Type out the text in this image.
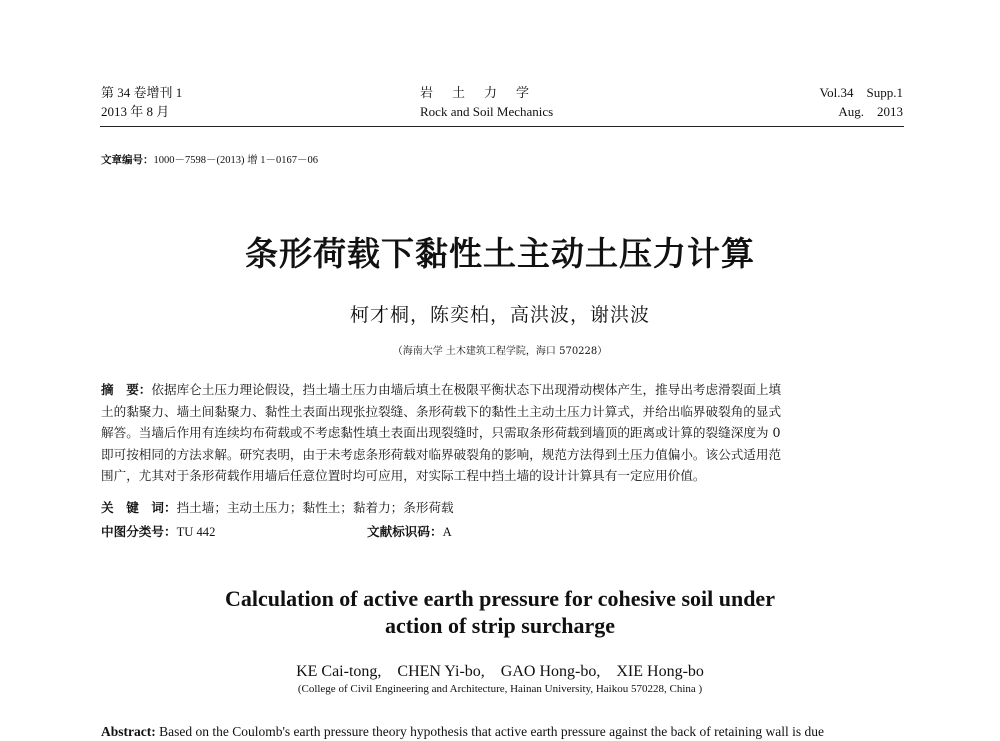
第 34 卷增刊 1
2013 年 8 月
岩　土　力　学
Rock and Soil Mechanics
Vol.34　Supp.1
Aug.　2013
文章编号：1000－7598－(2013) 增 1－0167－06
条形荷载下黏性土主动土压力计算
柯才桐，陈奕柏，高洪波，谢洪波
（海南大学 土木建筑工程学院，海口 570228）
摘　要：依据库仑土压力理论假设，挡土墙土压力由墙后填土在极限平衡状态下出现滑动楔体产生，推导出考虑滑裂面上填
土的黏聚力、墙土间黏聚力、黏性土表面出现张拉裂缝、条形荷载下的黏性土主动土压力计算式，并给出临界破裂角的显式
解答。当墙后作用有连续均布荷载或不考虑黏性填土表面出现裂缝时，只需取条形荷载到墙顶的距离或计算的裂缝深度为 0
即可按相同的方法求解。研究表明，由于未考虑条形荷载对临界破裂角的影响，规范方法得到土压力值偏小。该公式适用范
围广，尤其对于条形荷载作用墙后任意位置时均可应用，对实际工程中挡土墙的设计计算具有一定应用价值。
关　键　词：挡土墙；主动土压力；黏性土；黏着力；条形荷载
中图分类号：TU 442	文献标识码：A
Calculation of active earth pressure for cohesive soil under
action of strip surcharge
KE Cai-tong,　CHEN Yi-bo,　GAO Hong-bo,　XIE Hong-bo
(College of Civil Engineering and Architecture, Hainan University, Haikou 570228, China )
Abstract: Based on the Coulomb's earth pressure theory hypothesis that active earth pressure against the back of retaining wall is due
